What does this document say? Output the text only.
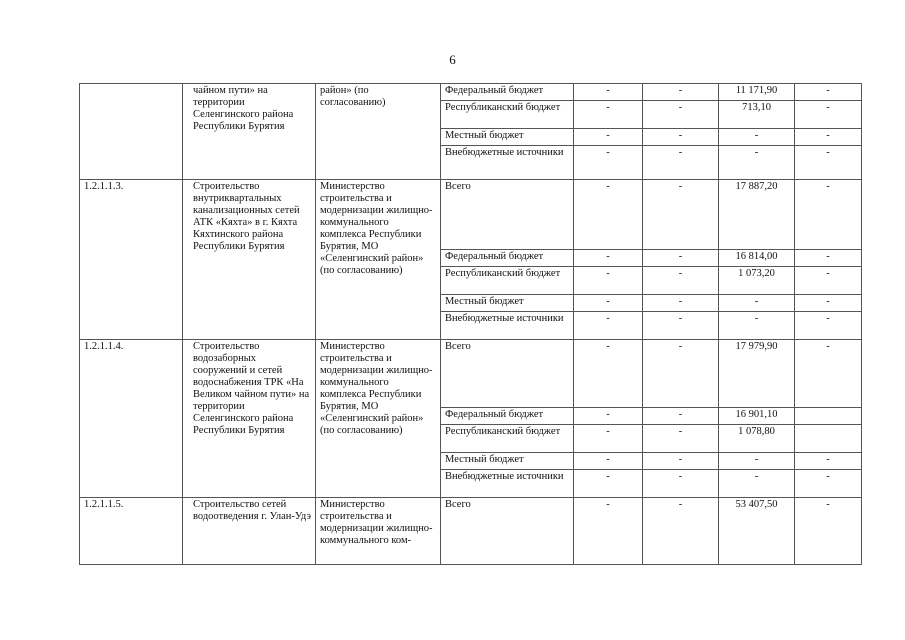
6
	чайном пути» на территории Селенгинского района Республики Бурятия	район» (по согласованию)	Федеральный бюджет	-	-	11 171,90	-
			Республиканский бюджет	-	-	713,10	-
			Местный бюджет	-	-	-	-
			Внебюджетные источники	-	-	-	-
1.2.1.1.3.	Строительство внутриквартальных канализационных сетей АТК «Кяхта» в г. Кяхта Кяхтинского района Республики Бурятия	Министерство строительства и модернизации жилищно-коммунального комплекса Республики Бурятия, МО «Селенгинский район» (по согласованию)	Всего	-	-	17 887,20	-
			Федеральный бюджет	-	-	16 814,00	-
			Республиканский бюджет	-	-	1 073,20	-
			Местный бюджет	-	-	-	-
			Внебюджетные источники	-	-	-	-
1.2.1.1.4.	Строительство водозаборных сооружений и сетей водоснабжения ТРК «На Великом чайном пути» на территории Селенгинского района Республики Бурятия	Министерство строительства и модернизации жилищно-коммунального комплекса Республики Бурятия, МО «Селенгинский район» (по согласованию)	Всего	-	-	17 979,90	-
			Федеральный бюджет	-	-	16 901,10	
			Республиканский бюджет	-	-	1 078,80	
			Местный бюджет	-	-	-	-
			Внебюджетные источники	-	-	-	-
1.2.1.1.5.	Строительство сетей водоотведения г. Улан-Удэ	Министерство строительства и модернизации жилищно-коммунального ком-	Всего	-	-	53 407,50	-
